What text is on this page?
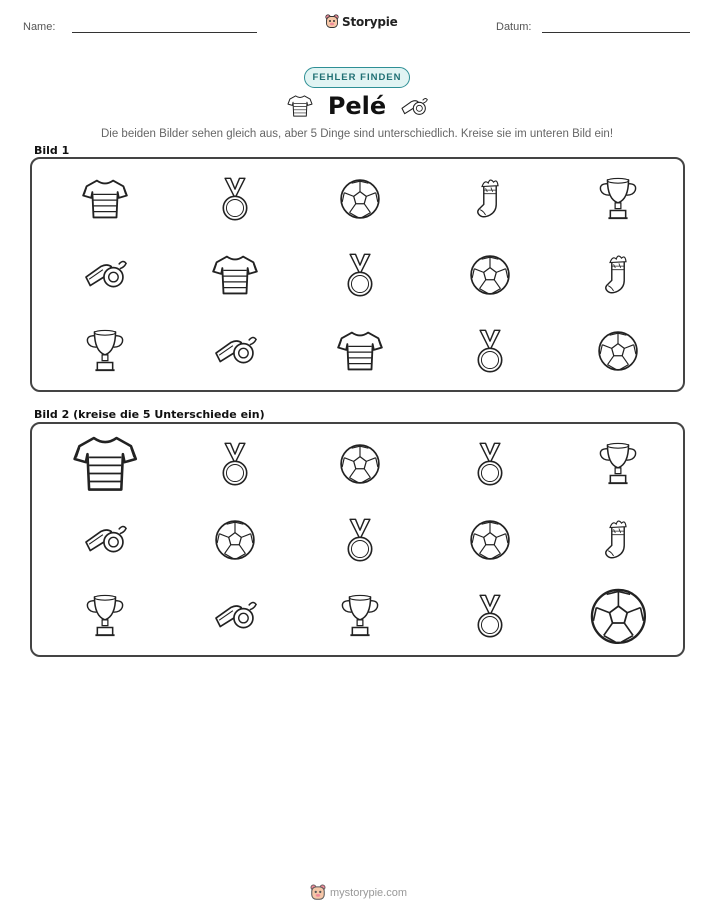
Name:	Storypie	Datum:
FEHLER FINDEN
Pelé
Die beiden Bilder sehen gleich aus, aber 5 Dinge sind unterschiedlich. Kreise sie im unteren Bild ein!
Bild 1
Bild 2 (kreise die 5 Unterschiede ein)
mystorypie.com
